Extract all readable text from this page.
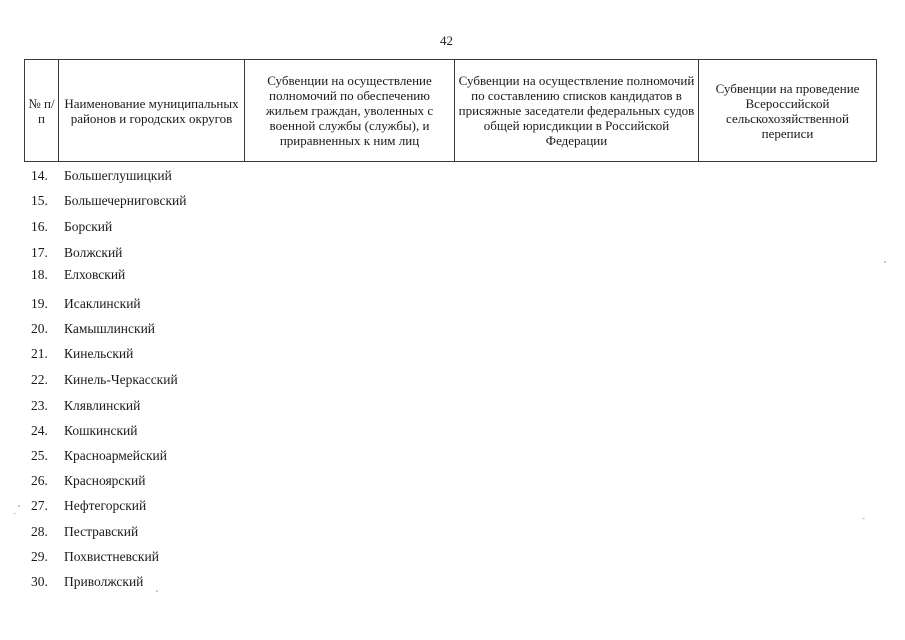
42
№ п/п	Наименование муниципальных районов и городских округов	Субвенции на осуществление полномочий по обеспечению жильем граждан, уволенных с военной службы (службы), и приравненных к ним лиц	Субвенции на осуществление полномочий по составлению списков кандидатов в присяжные заседатели федеральных судов общей юрисдикции в Российской Федерации	Субвенции на проведение Всероссийской сельскохозяйственной переписи
14. Большеглушицкий
15. Большечерниговский
16. Борский
17. Волжский
18. Елховский
19. Исаклинский
20. Камышлинский
21. Кинельский
22. Кинель-Черкасский
23. Клявлинский
24. Кошкинский
25. Красноармейский
26. Красноярский
27. Нефтегорский
28. Пестравский
29. Похвистневский
30. Приволжский
